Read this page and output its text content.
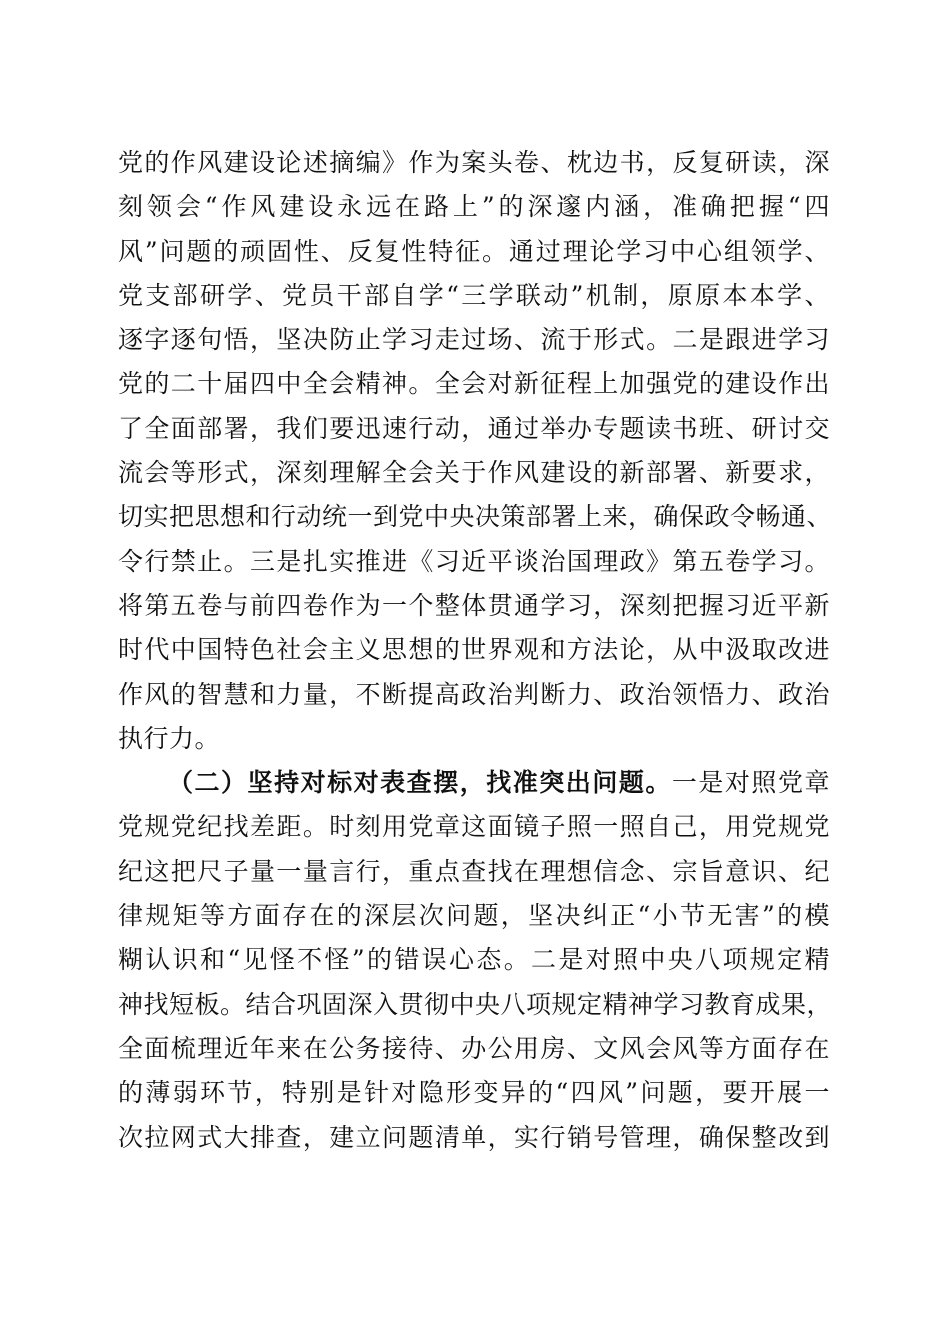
党的作风建设论述摘编》作为案头卷、枕边书，反复研读，深
刻领会“作风建设永远在路上”的深邃内涵，准确把握“四
风”问题的顽固性、反复性特征。通过理论学习中心组领学、
党支部研学、党员干部自学“三学联动”机制，原原本本学、
逐字逐句悟，坚决防止学习走过场、流于形式。二是跟进学习
党的二十届四中全会精神。全会对新征程上加强党的建设作出
了全面部署，我们要迅速行动，通过举办专题读书班、研讨交
流会等形式，深刻理解全会关于作风建设的新部署、新要求，
切实把思想和行动统一到党中央决策部署上来，确保政令畅通、
令行禁止。三是扎实推进《习近平谈治国理政》第五卷学习。
将第五卷与前四卷作为一个整体贯通学习，深刻把握习近平新
时代中国特色社会主义思想的世界观和方法论，从中汲取改进
作风的智慧和力量，不断提高政治判断力、政治领悟力、政治
执行力。
（二）坚持对标对表查摆，找准突出问题。一是对照党章
党规党纪找差距。时刻用党章这面镜子照一照自己，用党规党
纪这把尺子量一量言行，重点查找在理想信念、宗旨意识、纪
律规矩等方面存在的深层次问题，坚决纠正“小节无害”的模
糊认识和“见怪不怪”的错误心态。二是对照中央八项规定精
神找短板。结合巩固深入贯彻中央八项规定精神学习教育成果，
全面梳理近年来在公务接待、办公用房、文风会风等方面存在
的薄弱环节，特别是针对隐形变异的“四风”问题，要开展一
次拉网式大排查，建立问题清单，实行销号管理，确保整改到
